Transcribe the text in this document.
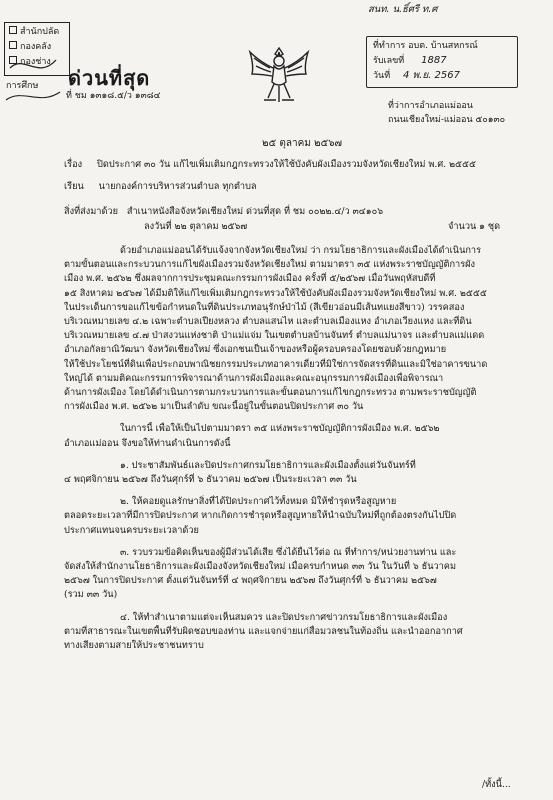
สนท. น.ธิ์ศรี ท.ศ
สำนักปลัด
กองคลัง
กองช่าง
การศึกษ ด่วนที่สุด
ที่ ชม ๑๓๑๘.๕/ว ๑๓๘๔
ที่ทำการ อบต. บ้านสหกรณ์
รับเลขที่ 1887
วันที่ 4 พ.ย. 2567
ที่ว่าการอำเภอแม่ออน
ถนนเชียงใหม่-แม่ออน ๕๐๑๓๐
๒๕ ตุลาคม ๒๕๖๗
เรื่อง ปิดประกาศ ๓๐ วัน แก้ไขเพิ่มเติมกฎกระทรวงให้ใช้บังคับผังเมืองรวมจังหวัดเชียงใหม่ พ.ศ. ๒๕๕๕
เรียน นายกองค์การบริหารส่วนตำบล ทุกตำบล
สิ่งที่ส่งมาด้วย สำเนาหนังสือจังหวัดเชียงใหม่ ด่วนที่สุด ที่ ชม ๐๐๒๒.๔/ว ๓๔๑๐๖
ลงวันที่ ๒๒ ตุลาคม ๒๕๖๗	จำนวน ๑ ชุด
ด้วยอำเภอแม่ออนได้รับแจ้งจากจังหวัดเชียงใหม่ ว่า กรมโยธาธิการและผังเมืองได้ดำเนินการ
ตามขั้นตอนและกระบวนการแก้ไขผังเมืองรวมจังหวัดเชียงใหม่ ตามมาตรา ๓๕ แห่งพระราชบัญญัติการผัง
เมือง พ.ศ. ๒๕๖๒ ซึ่งผลจากการประชุมคณะกรรมการผังเมือง ครั้งที่ ๕/๒๕๖๗ เมื่อวันพฤหัสบดีที่
๑๕ สิงหาคม ๒๕๖๗ ได้มีมติให้แก้ไขเพิ่มเติมกฎกระทรวงให้ใช้บังคับผังเมืองรวมจังหวัดเชียงใหม่ พ.ศ. ๒๕๕๕
ในประเด็นการขอแก้ไขข้อกำหนดในที่ดินประเภทอนุรักษ์ป่าไม้ (สีเขียวอ่อนมีเส้นทแยงสีขาว) วรรคสอง
บริเวณหมายเลข ๔.๒ เฉพาะตำบลเปียงหลวง ตำบลแสนไห และตำบลเมืองแหง อำเภอเวียงแหง และที่ดิน
บริเวณหมายเลข ๔.๗ ป่าสงวนแห่งชาติ ป่าแม่แจ่ม ในเขตตำบลบ้านจันทร์ ตำบลแม่นาจร และตำบลแม่แดด
อำเภอกัลยาณิวัฒนา จังหวัดเชียงใหม่ ซึ่งเอกชนเป็นเจ้าของหรือผู้ครอบครองโดยชอบด้วยกฎหมาย
ให้ใช้ประโยชน์ที่ดินเพื่อประกอบพาณิชยกรรมประเภทอาคารเดี่ยวที่มิใช่การจัดสรรที่ดินและมิใช่อาคารขนาด
ใหญ่ได้ ตามมติคณะกรรมการพิจารณาด้านการผังเมืองและคณะอนุกรรมการผังเมืองเพื่อพิจารณา
ด้านการผังเมือง โดยได้ดำเนินการตามกระบวนการและขั้นตอนการแก้ไขกฎกระทรวง ตามพระราชบัญญัติ
การผังเมือง พ.ศ. ๒๕๖๒ มาเป็นลำดับ ขณะนี้อยู่ในขั้นตอนปิดประกาศ ๓๐ วัน
ในการนี้ เพื่อให้เป็นไปตามมาตรา ๓๕ แห่งพระราชบัญญัติการผังเมือง พ.ศ. ๒๕๖๒
อำเภอแม่ออน จึงขอให้ท่านดำเนินการดังนี้
๑. ประชาสัมพันธ์และปิดประกาศกรมโยธาธิการและผังเมืองตั้งแต่วันจันทร์ที่
๔ พฤศจิกายน ๒๕๖๗ ถึงวันศุกร์ที่ ๖ ธันวาคม ๒๕๖๗ เป็นระยะเวลา ๓๓ วัน
๒. ให้คอยดูแลรักษาสิ่งที่ได้ปิดประกาศไว้ทั้งหมด มิให้ชำรุดหรือสูญหาย
ตลอดระยะเวลาที่มีการปิดประกาศ หากเกิดการชำรุดหรือสูญหายให้นำฉบับใหม่ที่ถูกต้องตรงกันไปปิด
ประกาศแทนจนครบระยะเวลาด้วย
๓. รวบรวมข้อคิดเห็นของผู้มีส่วนได้เสีย ซึ่งได้ยื่นไว้ต่อ ณ ที่ทำการ/หน่วยงานท่าน และ
จัดส่งให้สำนักงานโยธาธิการและผังเมืองจังหวัดเชียงใหม่ เมื่อครบกำหนด ๓๓ วัน ในวันที่ ๖ ธันวาคม
๒๕๖๗ ในการปิดประกาศ ตั้งแต่วันจันทร์ที่ ๔ พฤศจิกายน ๒๕๖๗ ถึงวันศุกร์ที่ ๖ ธันวาคม ๒๕๖๗
(รวม ๓๓ วัน)
๔. ให้ทำสำเนาตามแต่จะเห็นสมควร และปิดประกาศข่าวกรมโยธาธิการและผังเมือง
ตามที่สาธารณะในเขตพื้นที่รับผิดชอบของท่าน และแจกจ่ายแก่สื่อมวลชนในท้องถิ่น และนำออกอากาศ
ทางเสียงตามสายให้ประชาชนทราบ
/ทั้งนี้...
